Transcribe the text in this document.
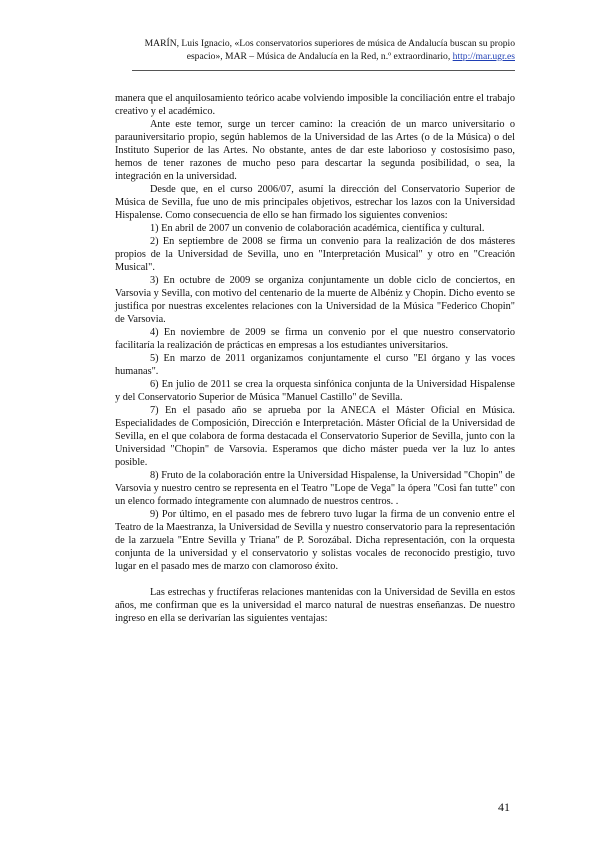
MARÍN, Luis Ignacio, «Los conservatorios superiores de música de Andalucía buscan su propio espacio», MAR – Música de Andalucía en la Red, n.º extraordinario, http://mar.ugr.es

manera que el anquilosamiento teórico acabe volviendo imposible la conciliación entre el trabajo creativo y el académico.

Ante este temor, surge un tercer camino: la creación de un marco universitario o parauniversitario propio, según hablemos de la Universidad de las Artes (o de la Música) o del Instituto Superior de las Artes. No obstante, antes de dar este laborioso y costosísimo paso, hemos de tener razones de mucho peso para descartar la segunda posibilidad, o sea, la integración en la universidad.

Desde que, en el curso 2006/07, asumí la dirección del Conservatorio Superior de Música de Sevilla, fue uno de mis principales objetivos, estrechar los lazos con la Universidad Hispalense. Como consecuencia de ello se han firmado los siguientes convenios:

1) En abril de 2007 un convenio de colaboración académica, científica y cultural.

2) En septiembre de 2008 se firma un convenio para la realización de dos másteres propios de la Universidad de Sevilla, uno en "Interpretación Musical" y otro en "Creación Musical".

3) En octubre de 2009 se organiza conjuntamente un doble ciclo de conciertos, en Varsovia y Sevilla, con motivo del centenario de la muerte de Albéniz y Chopin. Dicho evento se justifica por nuestras excelentes relaciones con la Universidad de la Música "Federico Chopin" de Varsovia.

4) En noviembre de 2009 se firma un convenio por el que nuestro conservatorio facilitaría la realización de prácticas en empresas a los estudiantes universitarios.

5) En marzo de 2011 organizamos conjuntamente el curso "El órgano y las voces humanas".

6) En julio de 2011 se crea la orquesta sinfónica conjunta de la Universidad Hispalense y del Conservatorio Superior de Música "Manuel Castillo" de Sevilla.

7) En el pasado año se aprueba por la ANECA el Máster Oficial en Música. Especialidades de Composición, Dirección e Interpretación. Máster Oficial de la Universidad de Sevilla, en el que colabora de forma destacada el Conservatorio Superior de Sevilla, junto con la Universidad "Chopin" de Varsovia. Esperamos que dicho máster pueda ver la luz lo antes posible.

8) Fruto de la colaboración entre la Universidad Hispalense, la Universidad "Chopin" de Varsovia y nuestro centro se representa en el Teatro "Lope de Vega" la ópera "Così fan tutte" con un elenco formado íntegramente con alumnado de nuestros centros. .

9) Por último, en el pasado mes de febrero tuvo lugar la firma de un convenio entre el Teatro de la Maestranza, la Universidad de Sevilla y nuestro conservatorio para la representación de la zarzuela "Entre Sevilla y Triana" de P. Sorozábal. Dicha representación, con la orquesta conjunta de la universidad y el conservatorio y solistas vocales de reconocido prestigio, tuvo lugar en el pasado mes de marzo con clamoroso éxito.

Las estrechas y fructíferas relaciones mantenidas con la Universidad de Sevilla en estos años, me confirman que es la universidad el marco natural de nuestras enseñanzas. De nuestro ingreso en ella se derivarían las siguientes ventajas:

41
